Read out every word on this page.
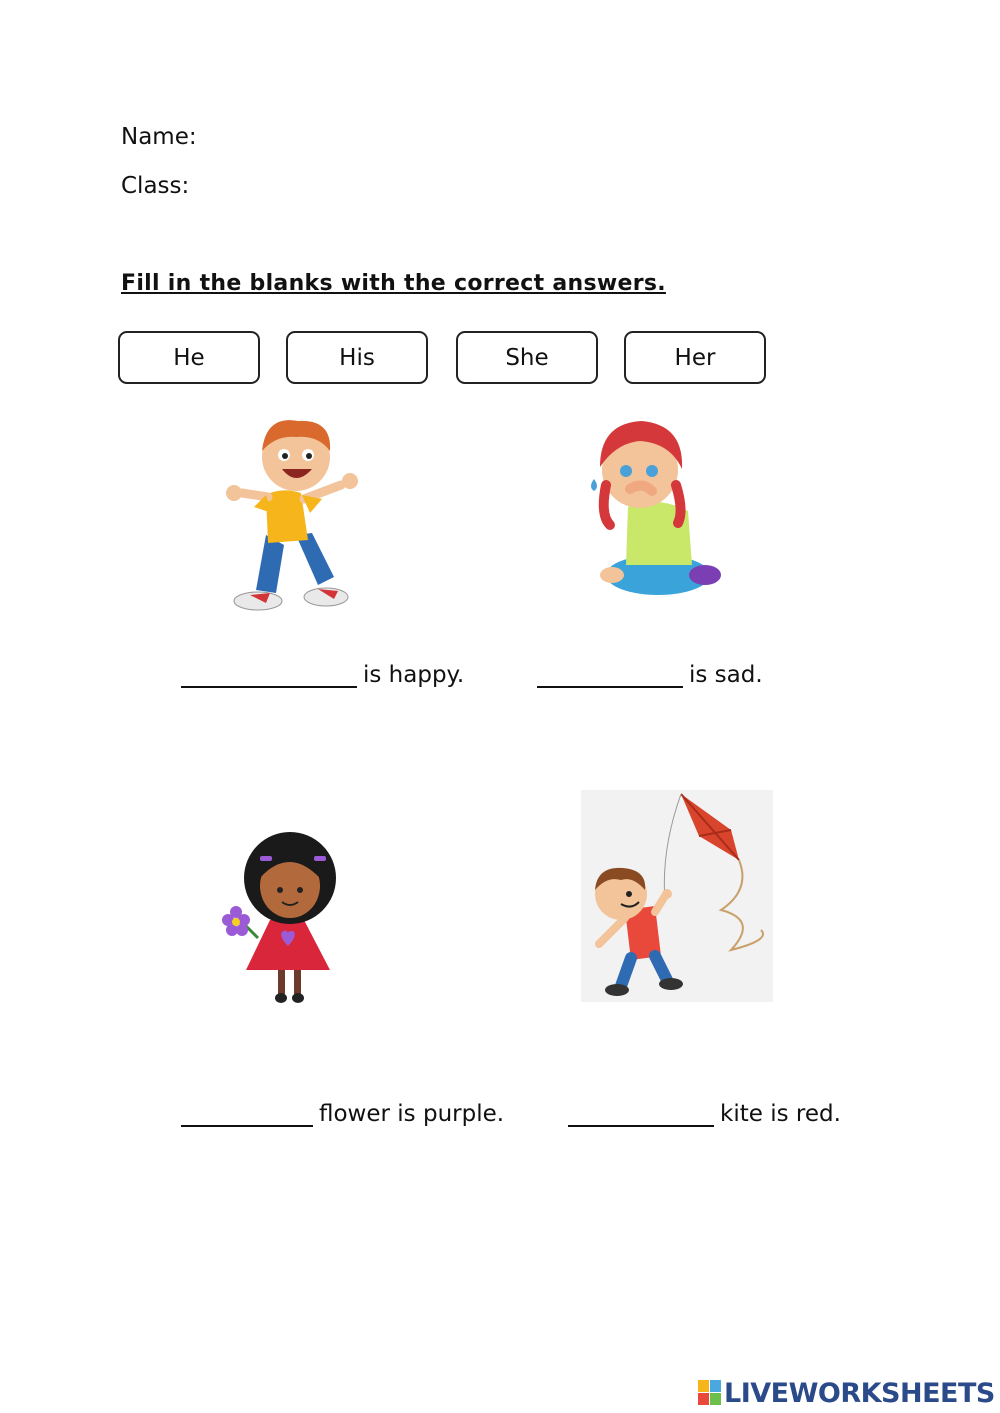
Name:
Class:
Fill in the blanks with the correct answers.
He	His	She	Her
is happy.	is sad.
flower is purple.	kite is red.
LIVEWORKSHEETS
